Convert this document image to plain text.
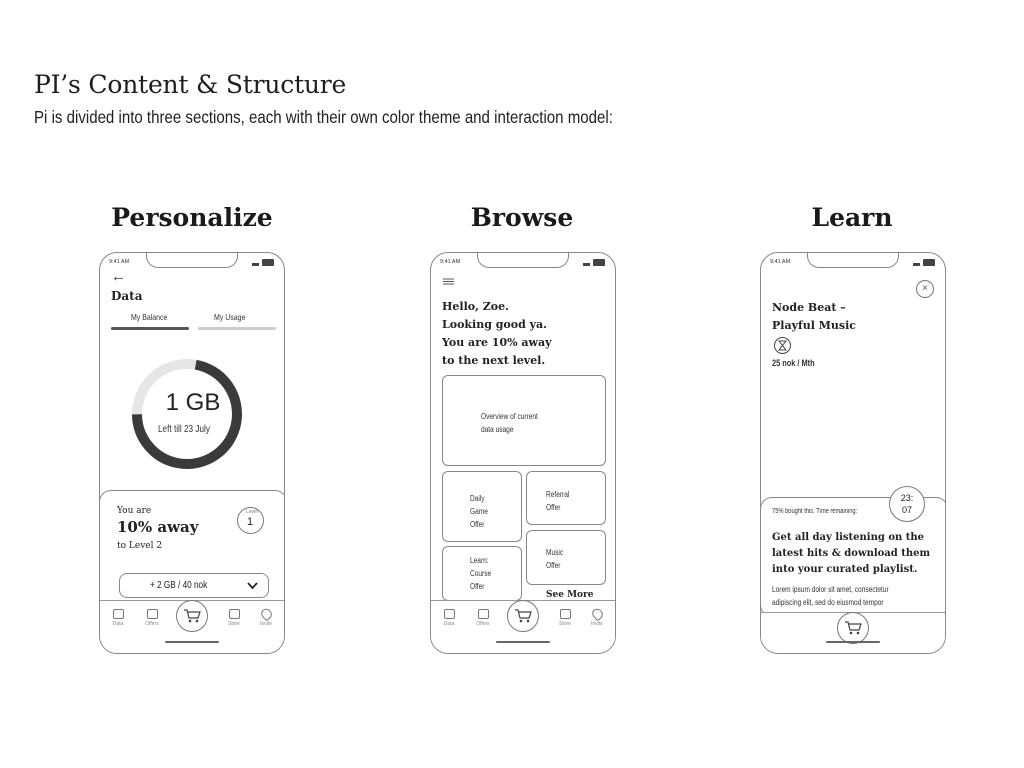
PI’s Content & Structure
Pi is divided into three sections, each with their own color theme and interaction model:
Personalize	Browse	Learn
9:41 AM
←
Data
My Balance	My Usage
1 GB
Left till 23 July
You are
10% away
to Level 2
Level
1
+ 2 GB / 40 nok
Data	Offers	Store	Invite
9:41 AM
Hello, Zoe.
Looking good ya.
You are 10% away
to the next level.
Overview of current
data usage
Daily
Game
Offer
Referral
Offer
Learn:
Course
Offer
Music
Offer
See More
Data	Offers	Store	Invite
9:41 AM
×
Node Beat –
Playful Music
25 nok / Mth
75% bought this. Time remaining:
23:
07
Get all day listening on the
latest hits & download them
into your curated playlist.
Lorem ipsum dolor sit amet, consectetur
adipiscing elit, sed do eiusmod tempor
